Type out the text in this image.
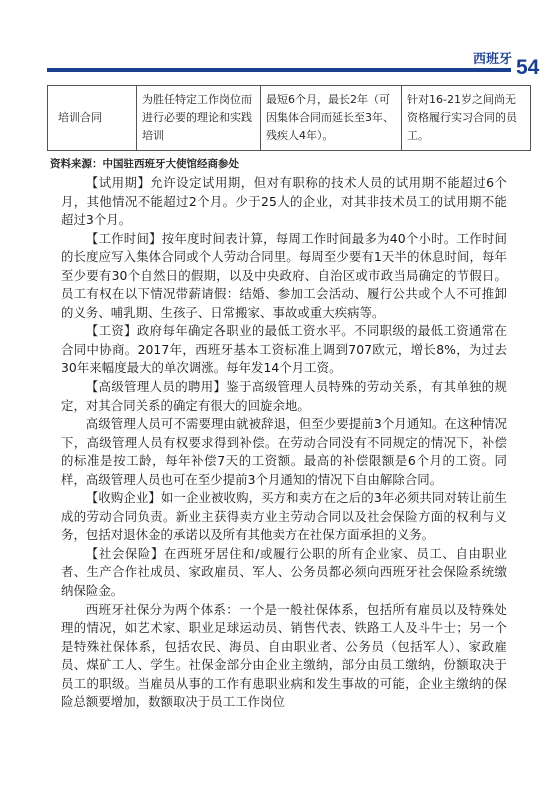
西班牙 54
培训合同	为胜任特定工作岗位而进行必要的理论和实践培训	最短6个月，最长2年（可因集体合同而延长至3年、残疾人4年）。	针对16-21岁之间尚无资格履行实习合同的员工。
资料来源：中国驻西班牙大使馆经商参处

【试用期】允许设定试用期，但对有职称的技术人员的试用期不能超过6个月，其他情况不能超过2个月。少于25人的企业，对其非技术员工的试用期不能超过3个月。

【工作时间】按年度时间表计算，每周工作时间最多为40个小时。工作时间的长度应写入集体合同或个人劳动合同里。每周至少要有1天半的休息时间，每年至少要有30个自然日的假期，以及中央政府、自治区或市政当局确定的节假日。员工有权在以下情况带薪请假：结婚、参加工会活动、履行公共或个人不可推卸的义务、哺乳期、生孩子、日常搬家、事故或重大疾病等。

【工资】政府每年确定各职业的最低工资水平。不同职级的最低工资通常在合同中协商。2017年，西班牙基本工资标准上调到707欧元，增长8%，为过去30年来幅度最大的单次调涨。每年发14个月工资。

【高级管理人员的聘用】鉴于高级管理人员特殊的劳动关系，有其单独的规定，对其合同关系的确定有很大的回旋余地。

高级管理人员可不需要理由就被辞退，但至少要提前3个月通知。在这种情况下，高级管理人员有权要求得到补偿。在劳动合同没有不同规定的情况下，补偿的标准是按工龄，每年补偿7天的工资额。最高的补偿限额是6个月的工资。同样，高级管理人员也可在至少提前3个月通知的情况下自由解除合同。

【收购企业】如一企业被收购，买方和卖方在之后的3年必须共同对转让前生成的劳动合同负责。新业主获得卖方业主劳动合同以及社会保险方面的权利与义务，包括对退休金的承诺以及所有其他卖方在社保方面承担的义务。

【社会保险】在西班牙居住和/或履行公职的所有企业家、员工、自由职业者、生产合作社成员、家政雇员、军人、公务员都必须向西班牙社会保险系统缴纳保险金。

西班牙社保分为两个体系：一个是一般社保体系，包括所有雇员以及特殊处理的情况，如艺术家、职业足球运动员、销售代表、铁路工人及斗牛士；另一个是特殊社保体系，包括农民、海员、自由职业者、公务员（包括军人）、家政雇员、煤矿工人、学生。社保金部分由企业主缴纳，部分由员工缴纳，份额取决于员工的职级。当雇员从事的工作有患职业病和发生事故的可能，企业主缴纳的保险总额要增加，数额取决于员工工作岗位
